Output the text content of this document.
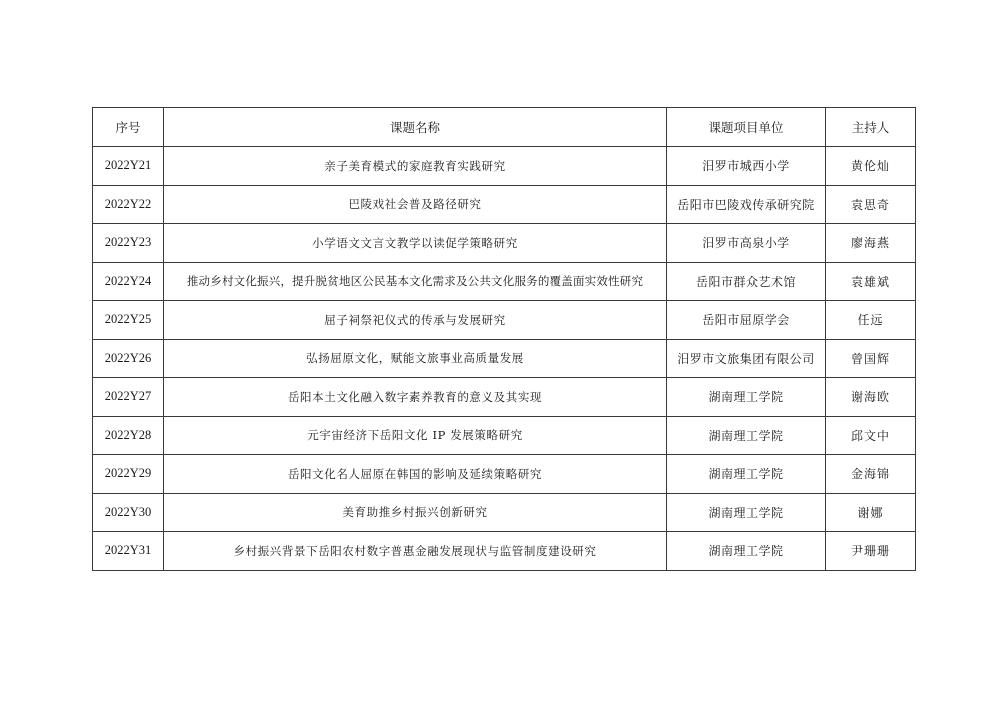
序号	课题名称	课题项目单位	主持人
2022Y21	亲子美育模式的家庭教育实践研究	汨罗市城西小学	黄伦灿
2022Y22	巴陵戏社会普及路径研究	岳阳市巴陵戏传承研究院	袁思奇
2022Y23	小学语文文言文教学以读促学策略研究	汨罗市高泉小学	廖海燕
2022Y24	推动乡村文化振兴，提升脱贫地区公民基本文化需求及公共文化服务的覆盖面实效性研究	岳阳市群众艺术馆	袁雄斌
2022Y25	屈子祠祭祀仪式的传承与发展研究	岳阳市屈原学会	任远
2022Y26	弘扬屈原文化，赋能文旅事业高质量发展	汨罗市文旅集团有限公司	曾国辉
2022Y27	岳阳本土文化融入数字素养教育的意义及其实现	湖南理工学院	谢海欧
2022Y28	元宇宙经济下岳阳文化 IP 发展策略研究	湖南理工学院	邱文中
2022Y29	岳阳文化名人屈原在韩国的影响及延续策略研究	湖南理工学院	金海锦
2022Y30	美育助推乡村振兴创新研究	湖南理工学院	谢娜
2022Y31	乡村振兴背景下岳阳农村数字普惠金融发展现状与监管制度建设研究	湖南理工学院	尹珊珊
